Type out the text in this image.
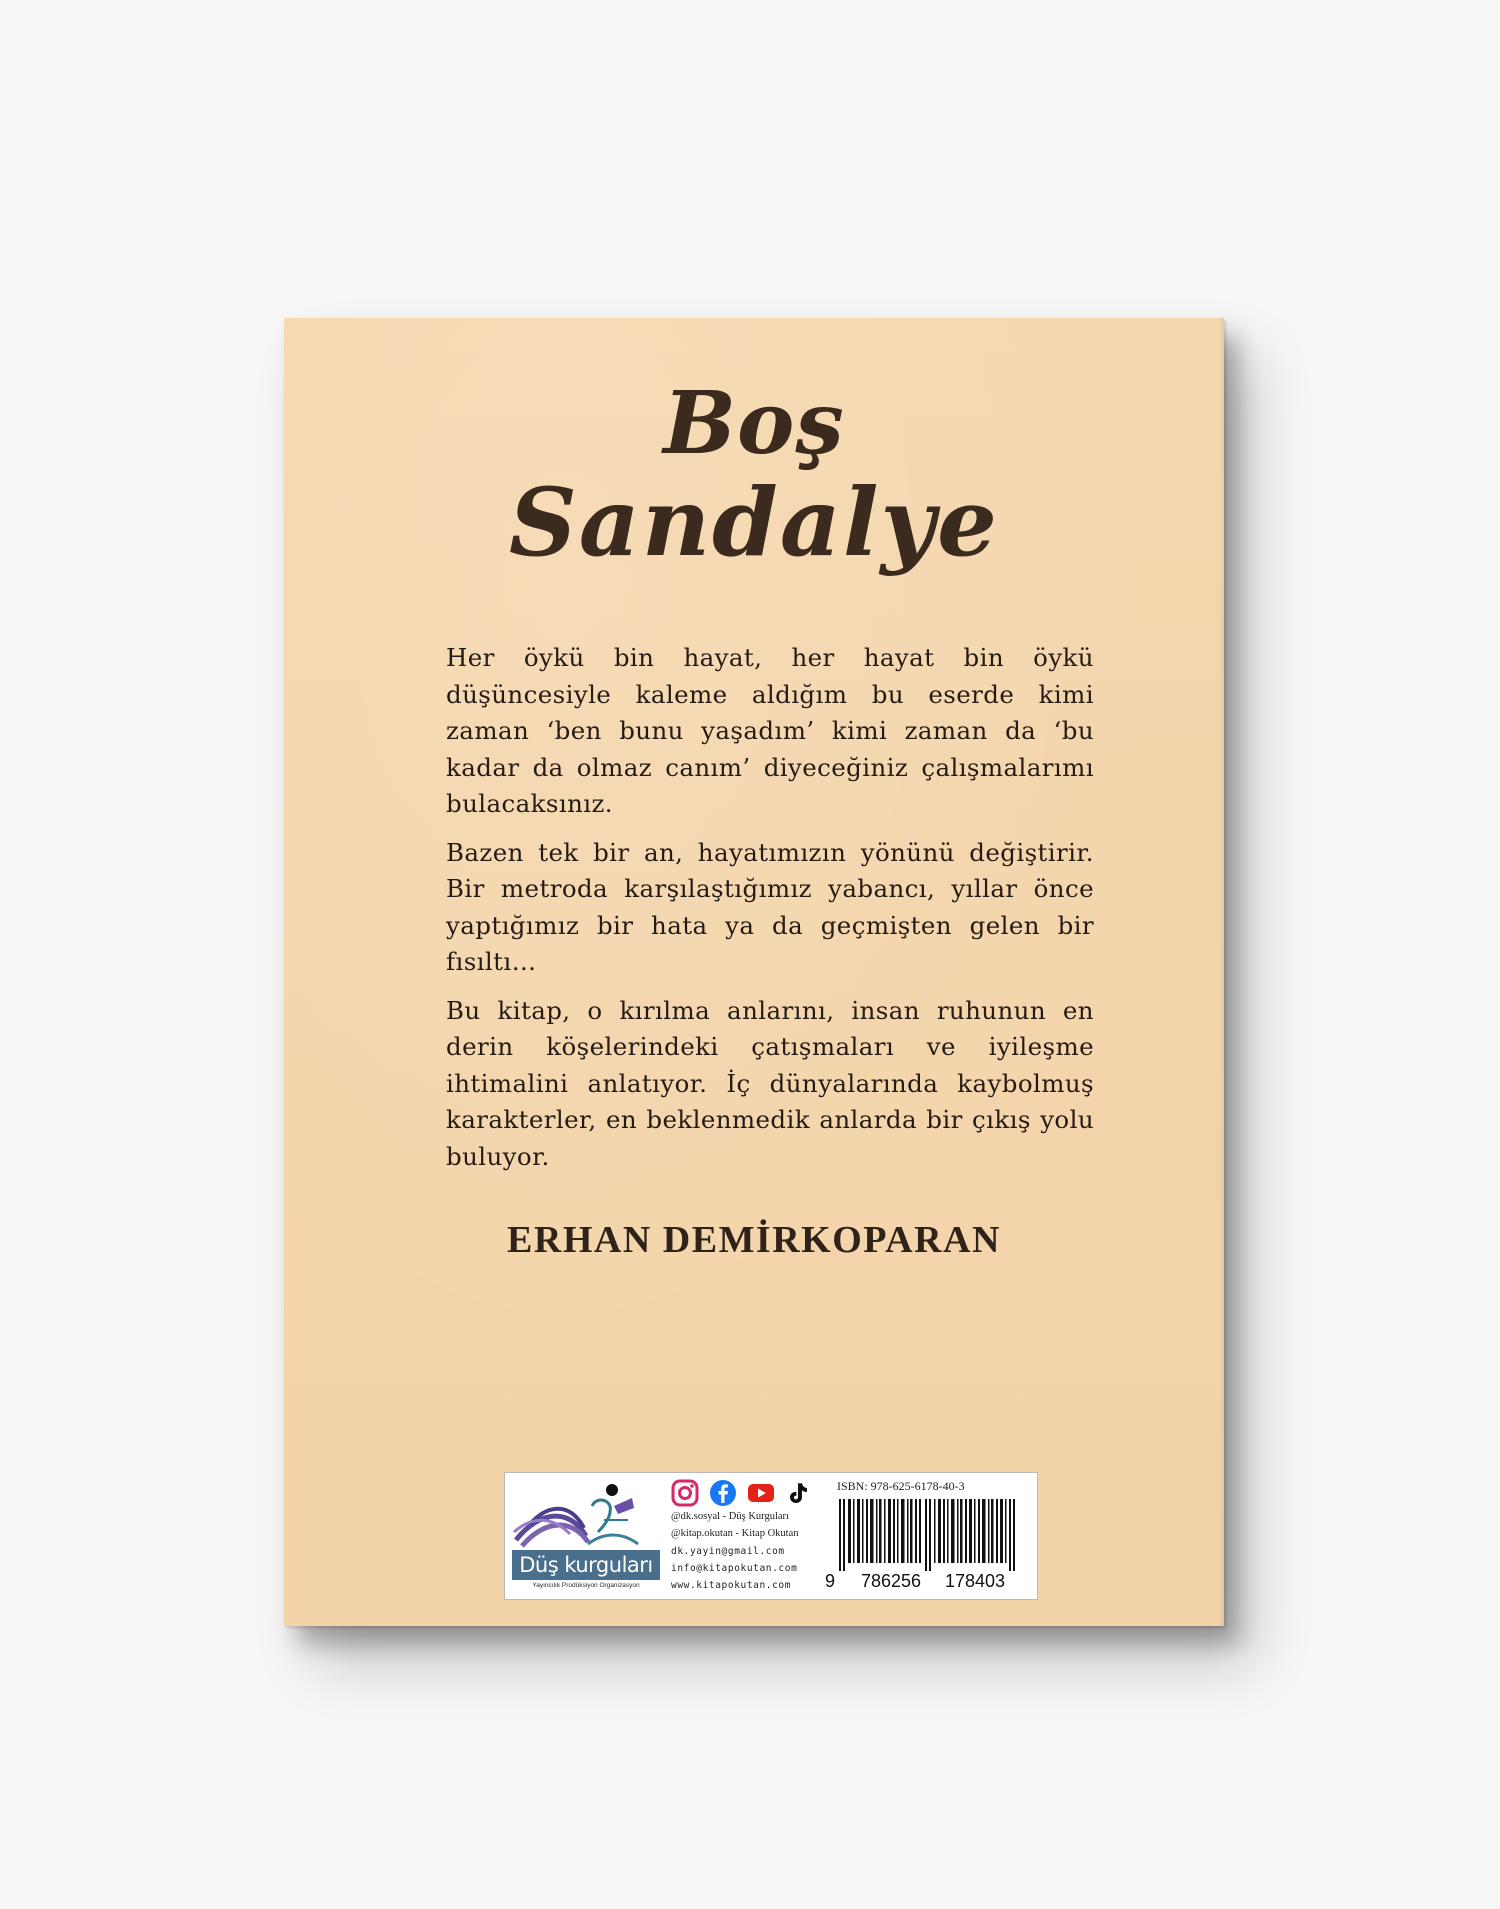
Boş
Sandalye

Her öykü bin hayat, her hayat bin öykü düşüncesiyle kaleme aldığım bu eserde kimi zaman ‘ben bunu yaşadım’ kimi zaman da ‘bu kadar da olmaz canım’ diyeceğiniz çalışmalarımı bulacaksınız.

Bazen tek bir an, hayatımızın yönünü değiştirir. Bir metroda karşılaştığımız yabancı, yıllar önce yaptığımız bir hata ya da geçmişten gelen bir fısıltı…

Bu kitap, o kırılma anlarını, insan ruhunun en derin köşelerindeki çatışmaları ve iyileşme ihtimalini anlatıyor. İç dünyalarında kaybolmuş karakterler, en beklenmedik anlarda bir çıkış yolu buluyor.

ERHAN DEMİRKOPARAN
Düş kurguları
Yayıncılık Prodüksiyon Organizasyon
@dk.sosyal - Düş Kurguları
@kitap.okutan - Kitap Okutan
dk.yayin@gmail.com
info@kitapokutan.com
www.kitapokutan.com
ISBN: 978-625-6178-40-3
9 786256 178403
